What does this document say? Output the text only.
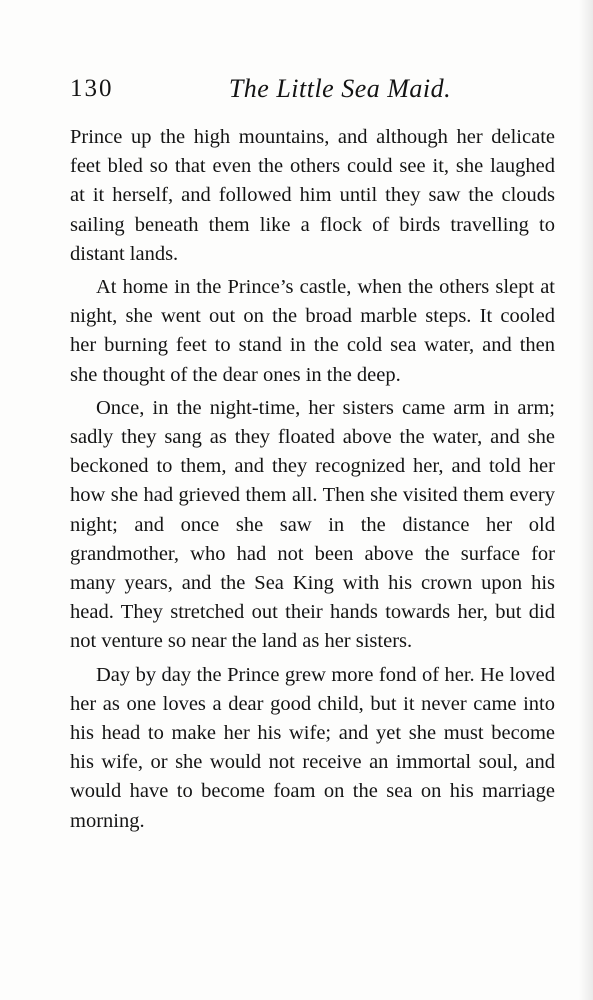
130	The Little Sea Maid.

Prince up the high mountains, and although her delicate feet bled so that even the others could see it, she laughed at it herself, and followed him until they saw the clouds sailing beneath them like a flock of birds travelling to distant lands.

At home in the Prince’s castle, when the others slept at night, she went out on the broad marble steps. It cooled her burning feet to stand in the cold sea water, and then she thought of the dear ones in the deep.

Once, in the night-time, her sisters came arm in arm; sadly they sang as they floated above the water, and she beckoned to them, and they recognized her, and told her how she had grieved them all. Then she visited them every night; and once she saw in the distance her old grandmother, who had not been above the surface for many years, and the Sea King with his crown upon his head. They stretched out their hands towards her, but did not venture so near the land as her sisters.

Day by day the Prince grew more fond of her. He loved her as one loves a dear good child, but it never came into his head to make her his wife; and yet she must become his wife, or she would not receive an immortal soul, and would have to become foam on the sea on his marriage morning.
